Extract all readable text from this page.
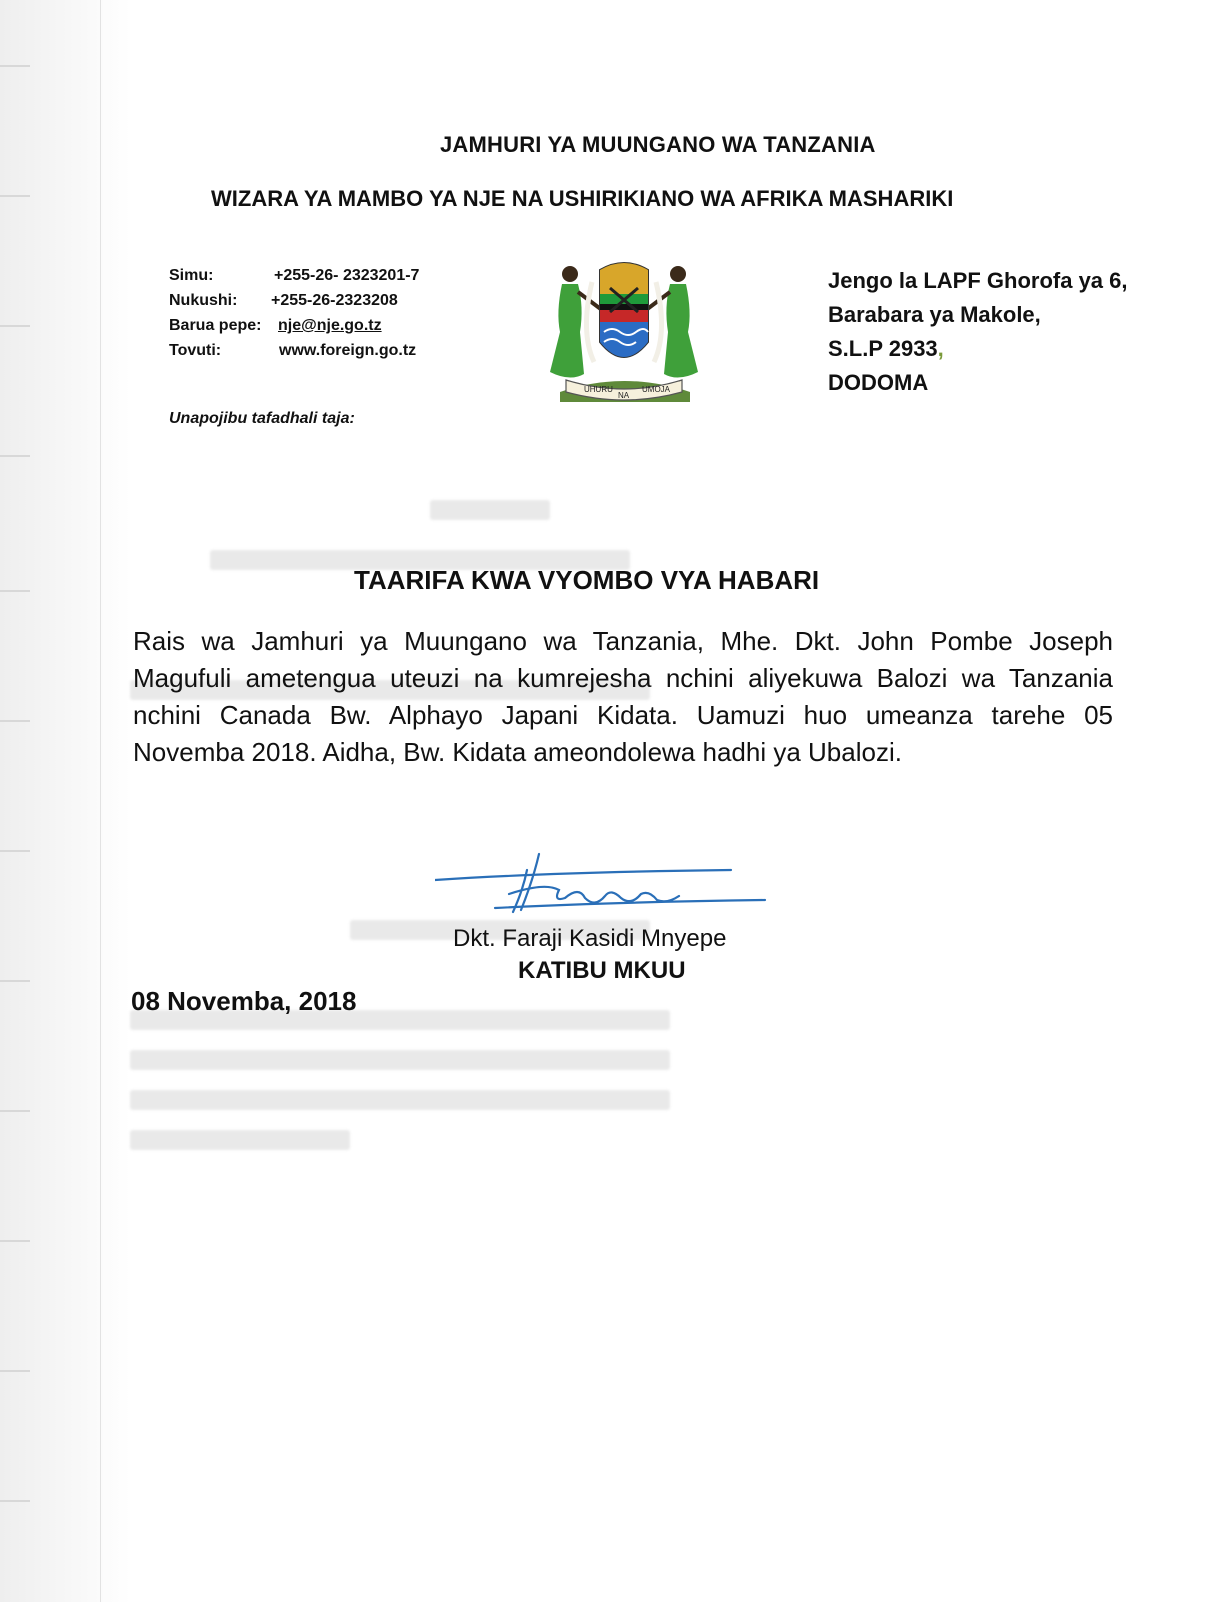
JAMHURI YA MUUNGANO WA TANZANIA
WIZARA YA MAMBO YA NJE NA USHIRIKIANO WA AFRIKA MASHARIKI
Simu:	+255-26- 2323201-7
Nukushi: +255-26-2323208
Barua pepe: nje@nje.go.tz
Tovuti:	www.foreign.go.tz
Unapojibu tafadhali taja:
UHURU
NA
UMOJA
Jengo la LAPF Ghorofa ya 6,
Barabara ya Makole,
S.L.P 2933,
DODOMA
TAARIFA KWA VYOMBO VYA HABARI
Rais wa Jamhuri ya Muungano wa Tanzania, Mhe. Dkt. John Pombe Joseph Magufuli ametengua uteuzi na kumrejesha nchini aliyekuwa Balozi wa Tanzania nchini Canada Bw. Alphayo Japani Kidata. Uamuzi huo umeanza tarehe 05 Novemba 2018. Aidha, Bw. Kidata ameondolewa hadhi ya Ubalozi.
Dkt. Faraji Kasidi Mnyepe
KATIBU MKUU
08 Novemba, 2018
